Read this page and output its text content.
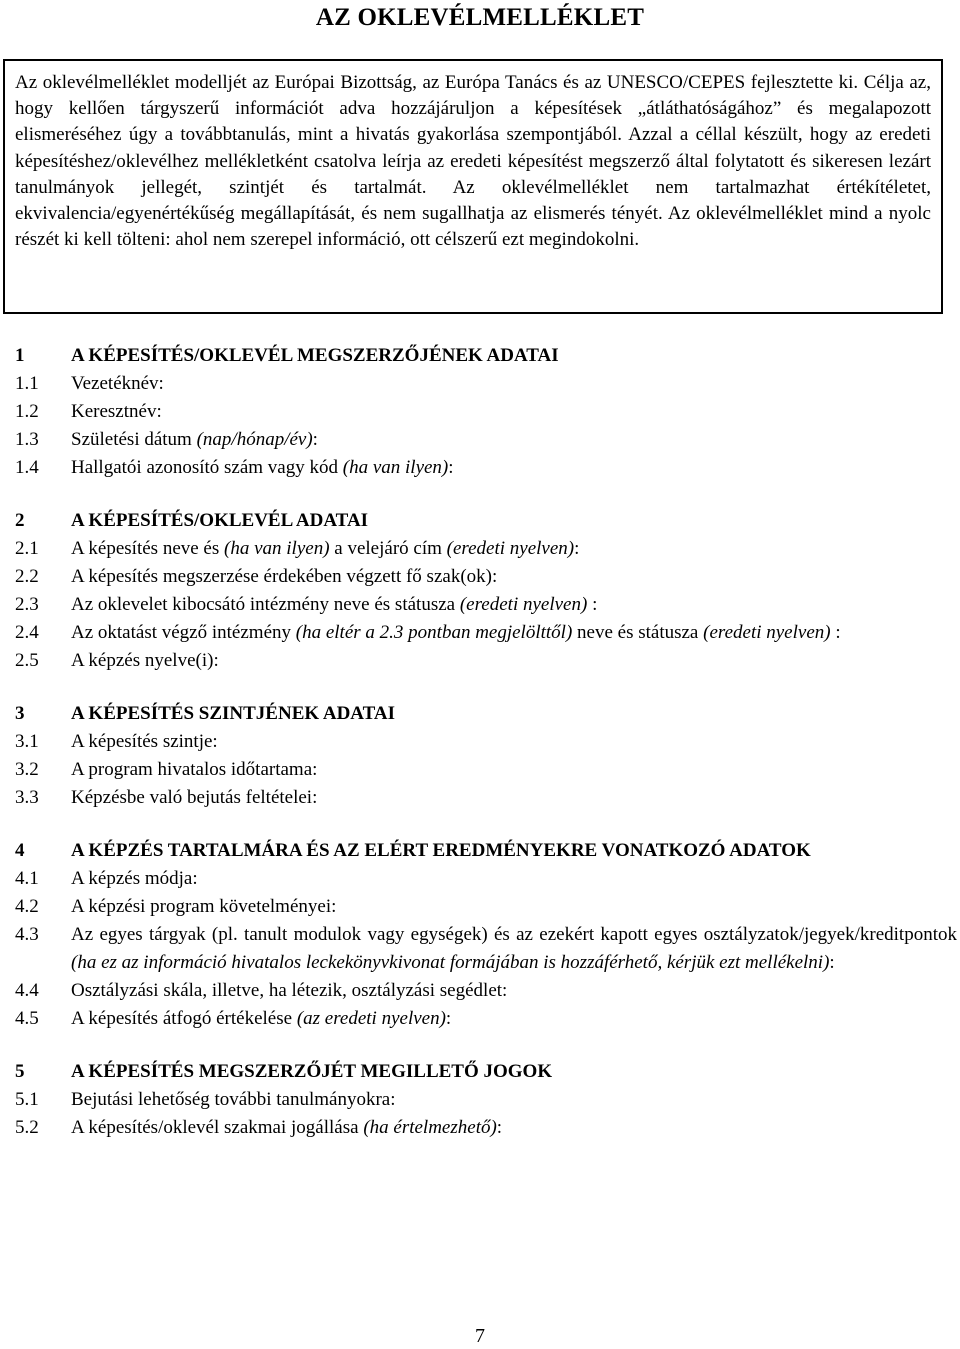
AZ OKLEVÉLMELLÉKLET
Az oklevélmelléklet modelljét az Európai Bizottság, az Európa Tanács és az UNESCO/CEPES fejlesztette ki. Célja az, hogy kellően tárgyszerű információt adva hozzájáruljon a képesítések „átláthatóságához” és megalapozott elismeréséhez úgy a továbbtanulás, mint a hivatás gyakorlása szempontjából. Azzal a céllal készült, hogy az eredeti képesítéshez/oklevélhez mellékletként csatolva leírja az eredeti képesítést megszerző által folytatott és sikeresen lezárt tanulmányok jellegét, szintjét és tartalmát. Az oklevélmelléklet nem tartalmazhat értékítéletet, ekvivalencia/egyenértékűség megállapítását, és nem sugallhatja az elismerés tényét. Az oklevélmelléklet mind a nyolc részét ki kell tölteni: ahol nem szerepel információ, ott célszerű ezt megindokolni.
1	A KÉPESÍTÉS/OKLEVÉL MEGSZERZŐJÉNEK ADATAI
1.1	Vezetéknév:
1.2	Keresztnév:
1.3	Születési dátum (nap/hónap/év):
1.4	Hallgatói azonosító szám vagy kód (ha van ilyen):
2	A KÉPESÍTÉS/OKLEVÉL ADATAI
2.1	A képesítés neve és (ha van ilyen) a velejáró cím (eredeti nyelven):
2.2	A képesítés megszerzése érdekében végzett fő szak(ok):
2.3	Az oklevelet kibocsátó intézmény neve és státusza (eredeti nyelven) :
2.4	Az oktatást végző intézmény (ha eltér a 2.3 pontban megjelölttől) neve és státusza (eredeti nyelven) :
2.5	A képzés nyelve(i):
3	A KÉPESÍTÉS SZINTJÉNEK ADATAI
3.1	A képesítés szintje:
3.2	A program hivatalos időtartama:
3.3	Képzésbe való bejutás feltételei:
4	A KÉPZÉS TARTALMÁRA ÉS AZ ELÉRT EREDMÉNYEKRE VONATKOZÓ ADATOK
4.1	A képzés módja:
4.2	A képzési program követelményei:
4.3	Az egyes tárgyak (pl. tanult modulok vagy egységek) és az ezekért kapott egyes osztályzatok/jegyek/kreditpontok (ha ez az információ hivatalos leckekönyvkivonat formájában is hozzáférhető, kérjük ezt mellékelni):
4.4	Osztályzási skála, illetve, ha létezik, osztályzási segédlet:
4.5	A képesítés átfogó értékelése (az eredeti nyelven):
5	A KÉPESÍTÉS MEGSZERZŐJÉT MEGILLETŐ JOGOK
5.1	Bejutási lehetőség további tanulmányokra:
5.2	A képesítés/oklevél szakmai jogállása (ha értelmezhető):
7
